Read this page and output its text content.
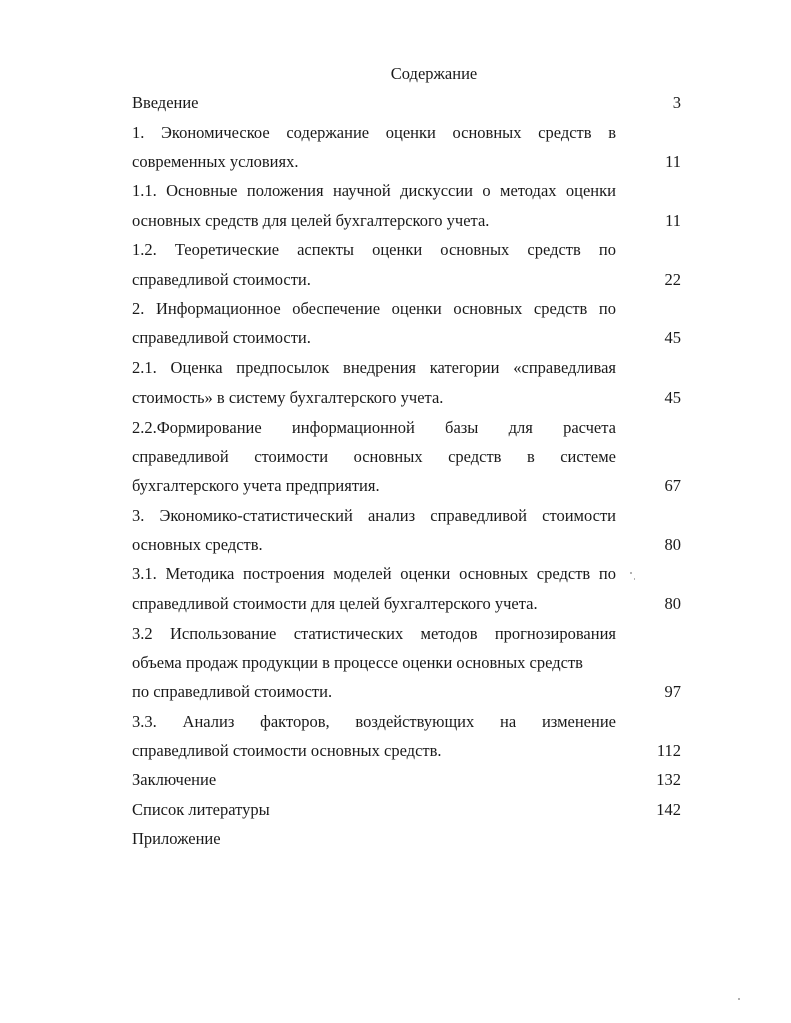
Содержание
Введение	3
1. Экономическое содержание оценки основных средств в
современных условиях.	11
1.1. Основные положения научной дискуссии о методах оценки
основных средств для целей бухгалтерского учета.	11
1.2. Теоретические аспекты оценки основных средств по
справедливой стоимости.	22
2. Информационное обеспечение оценки основных средств по
справедливой стоимости.	45
2.1. Оценка предпосылок внедрения категории «справедливая
стоимость» в систему бухгалтерского учета.	45
2.2.Формирование информационной базы для расчета
справедливой стоимости основных средств в системе
бухгалтерского учета предприятия.	67
3. Экономико-статистический анализ справедливой стоимости
основных средств.	80
3.1. Методика построения моделей оценки основных средств по
справедливой стоимости для целей бухгалтерского учета.	80
3.2 Использование статистических методов прогнозирования
объема продаж продукции в процессе оценки основных средств
по справедливой стоимости.	97
3.3. Анализ факторов, воздействующих на изменение
справедливой стоимости основных средств.	112
Заключение	132
Список литературы	142
Приложение
